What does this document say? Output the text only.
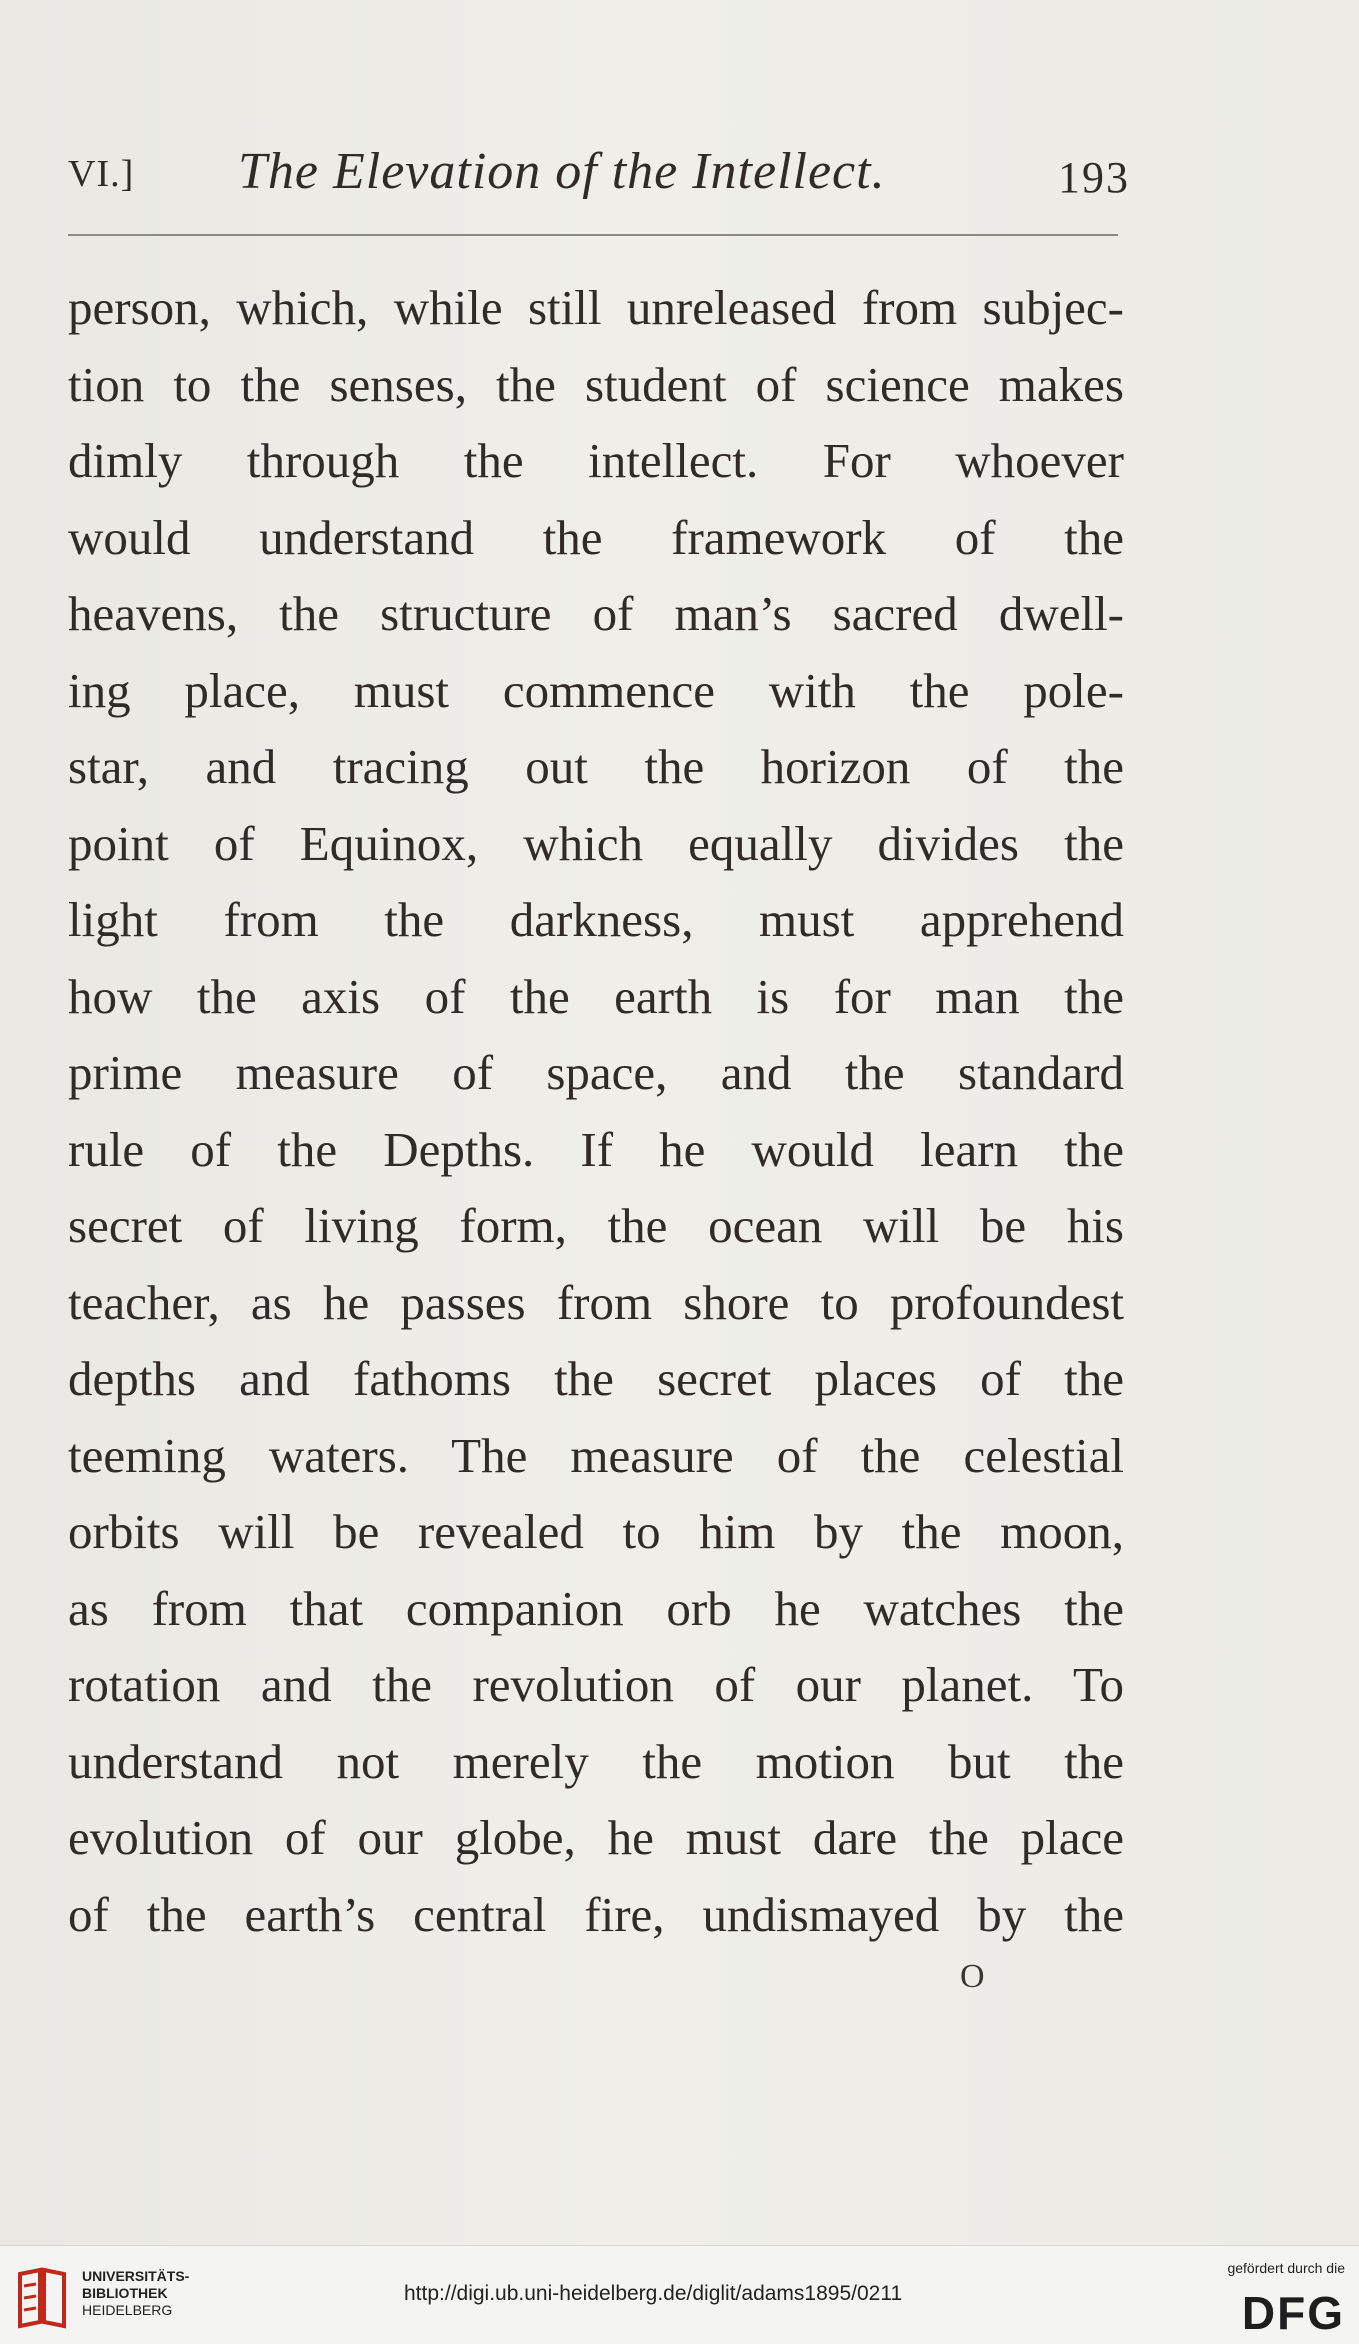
VI.] The Elevation of the Intellect.	193
person, which, while still unreleased from subjec-
tion to the senses, the student of science makes
dimly through the intellect. For whoever
would understand the framework of the
heavens, the structure of man’s sacred dwell-
ing place, must commence with the pole-
star, and tracing out the horizon of the
point of Equinox, which equally divides the
light from the darkness, must apprehend
how the axis of the earth is for man the
prime measure of space, and the standard
rule of the Depths. If he would learn the
secret of living form, the ocean will be his
teacher, as he passes from shore to profoundest
depths and fathoms the secret places of the
teeming waters. The measure of the celestial
orbits will be revealed to him by the moon,
as from that companion orb he watches the
rotation and the revolution of our planet. To
understand not merely the motion but the
evolution of our globe, he must dare the place
of the earth’s central fire, undismayed by the
O
UNIVERSITÄTS-
BIBLIOTHEK
HEIDELBERG
http://digi.ub.uni-heidelberg.de/diglit/adams1895/0211
gefördert durch die
DFG
